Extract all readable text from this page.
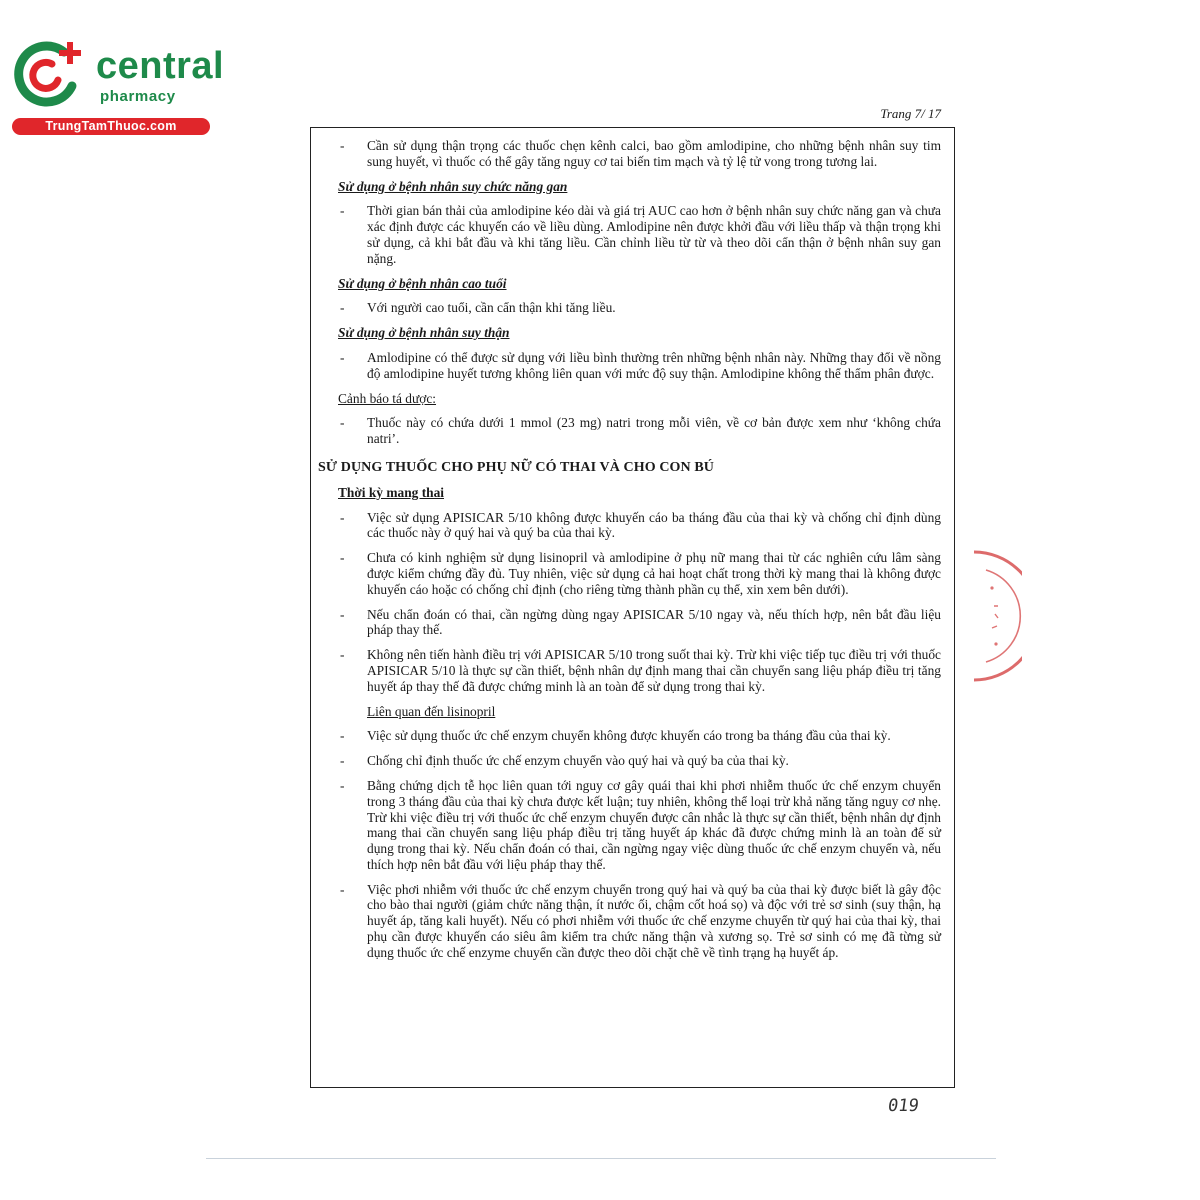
central
pharmacy
TrungTamThuoc.com
Trang 7/ 17
- Cần sử dụng thận trọng các thuốc chẹn kênh calci, bao gồm amlodipine, cho những bệnh nhân suy tim sung huyết, vì thuốc có thể gây tăng nguy cơ tai biến tim mạch và tỷ lệ tử vong trong tương lai.
Sử dụng ở bệnh nhân suy chức năng gan
- Thời gian bán thải của amlodipine kéo dài và giá trị AUC cao hơn ở bệnh nhân suy chức năng gan và chưa xác định được các khuyến cáo về liều dùng. Amlodipine nên được khởi đầu với liều thấp và thận trọng khi sử dụng, cả khi bắt đầu và khi tăng liều. Cần chỉnh liều từ từ và theo dõi cẩn thận ở bệnh nhân suy gan nặng.
Sử dụng ở bệnh nhân cao tuổi
- Với người cao tuổi, cần cẩn thận khi tăng liều.
Sử dụng ở bệnh nhân suy thận
- Amlodipine có thể được sử dụng với liều bình thường trên những bệnh nhân này. Những thay đổi về nồng độ amlodipine huyết tương không liên quan với mức độ suy thận. Amlodipine không thể thẩm phân được.
Cảnh báo tá dược:
- Thuốc này có chứa dưới 1 mmol (23 mg) natri trong mỗi viên, về cơ bản được xem như ‘không chứa natri’.
SỬ DỤNG THUỐC CHO PHỤ NỮ CÓ THAI VÀ CHO CON BÚ
Thời kỳ mang thai
- Việc sử dụng APISICAR 5/10 không được khuyến cáo ba tháng đầu của thai kỳ và chống chỉ định dùng các thuốc này ở quý hai và quý ba của thai kỳ.
- Chưa có kinh nghiệm sử dụng lisinopril và amlodipine ở phụ nữ mang thai từ các nghiên cứu lâm sàng được kiểm chứng đầy đủ. Tuy nhiên, việc sử dụng cả hai hoạt chất trong thời kỳ mang thai là không được khuyến cáo hoặc có chống chỉ định (cho riêng từng thành phần cụ thể, xin xem bên dưới).
- Nếu chẩn đoán có thai, cần ngừng dùng ngay APISICAR 5/10 ngay và, nếu thích hợp, nên bắt đầu liệu pháp thay thế.
- Không nên tiến hành điều trị với APISICAR 5/10 trong suốt thai kỳ. Trừ khi việc tiếp tục điều trị với thuốc APISICAR 5/10 là thực sự cần thiết, bệnh nhân dự định mang thai cần chuyển sang liệu pháp điều trị tăng huyết áp thay thế đã được chứng minh là an toàn để sử dụng trong thai kỳ.
Liên quan đến lisinopril
- Việc sử dụng thuốc ức chế enzym chuyển không được khuyến cáo trong ba tháng đầu của thai kỳ.
- Chống chỉ định thuốc ức chế enzym chuyển vào quý hai và quý ba của thai kỳ.
- Bằng chứng dịch tễ học liên quan tới nguy cơ gây quái thai khi phơi nhiễm thuốc ức chế enzym chuyển trong 3 tháng đầu của thai kỳ chưa được kết luận; tuy nhiên, không thể loại trừ khả năng tăng nguy cơ nhẹ. Trừ khi việc điều trị với thuốc ức chế enzym chuyển được cân nhắc là thực sự cần thiết, bệnh nhân dự định mang thai cần chuyển sang liệu pháp điều trị tăng huyết áp khác đã được chứng minh là an toàn để sử dụng trong thai kỳ. Nếu chẩn đoán có thai, cần ngừng ngay việc dùng thuốc ức chế enzym chuyển và, nếu thích hợp nên bắt đầu với liệu pháp thay thế.
- Việc phơi nhiễm với thuốc ức chế enzym chuyển trong quý hai và quý ba của thai kỳ được biết là gây độc cho bào thai người (giảm chức năng thận, ít nước ối, chậm cốt hoá sọ) và độc với trẻ sơ sinh (suy thận, hạ huyết áp, tăng kali huyết). Nếu có phơi nhiễm với thuốc ức chế enzyme chuyển từ quý hai của thai kỳ, thai phụ cần được khuyến cáo siêu âm kiểm tra chức năng thận và xương sọ. Trẻ sơ sinh có mẹ đã từng sử dụng thuốc ức chế enzyme chuyển cần được theo dõi chặt chẽ về tình trạng hạ huyết áp.
019
